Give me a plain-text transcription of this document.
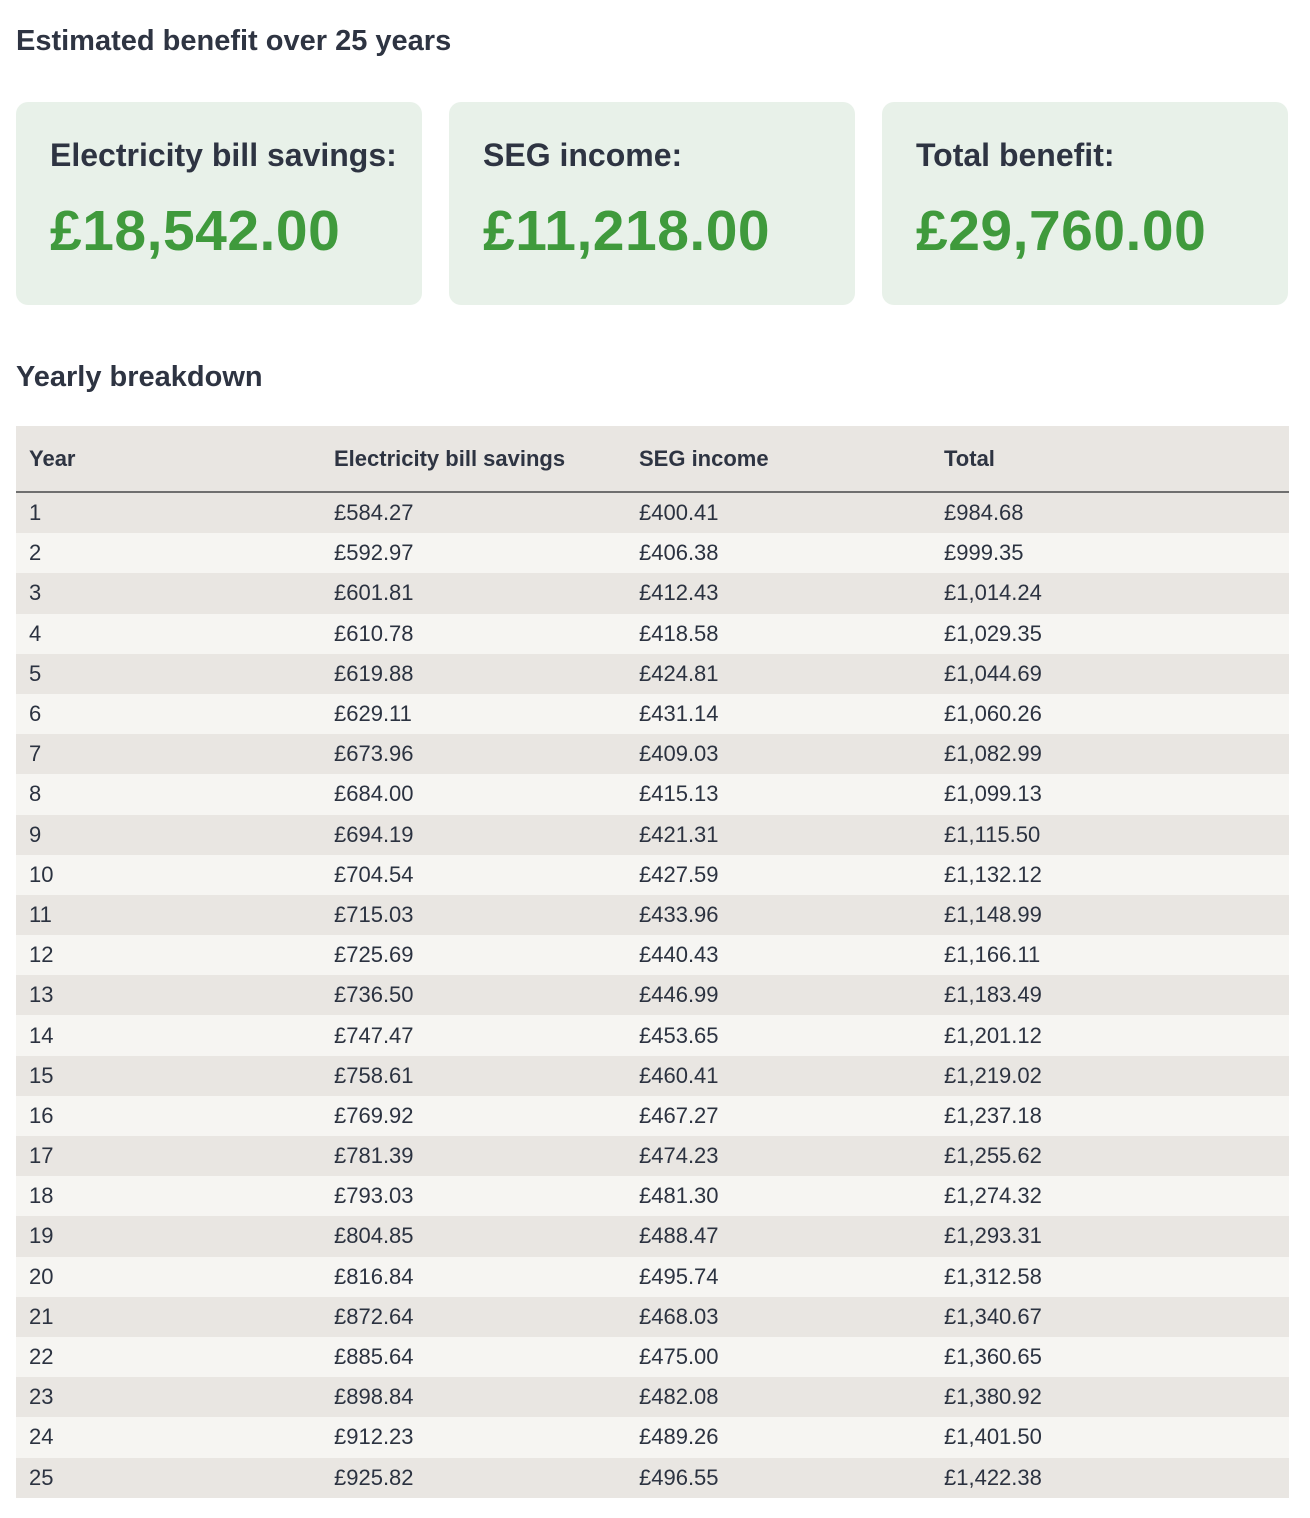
Estimated benefit over 25 years

Electricity bill savings:

£18,542.00

SEG income:

£11,218.00

Total benefit:

£29,760.00

Yearly breakdown
Year	Electricity bill savings	SEG income	Total
1	£584.27	£400.41	£984.68
2	£592.97	£406.38	£999.35
3	£601.81	£412.43	£1,014.24
4	£610.78	£418.58	£1,029.35
5	£619.88	£424.81	£1,044.69
6	£629.11	£431.14	£1,060.26
7	£673.96	£409.03	£1,082.99
8	£684.00	£415.13	£1,099.13
9	£694.19	£421.31	£1,115.50
10	£704.54	£427.59	£1,132.12
11	£715.03	£433.96	£1,148.99
12	£725.69	£440.43	£1,166.11
13	£736.50	£446.99	£1,183.49
14	£747.47	£453.65	£1,201.12
15	£758.61	£460.41	£1,219.02
16	£769.92	£467.27	£1,237.18
17	£781.39	£474.23	£1,255.62
18	£793.03	£481.30	£1,274.32
19	£804.85	£488.47	£1,293.31
20	£816.84	£495.74	£1,312.58
21	£872.64	£468.03	£1,340.67
22	£885.64	£475.00	£1,360.65
23	£898.84	£482.08	£1,380.92
24	£912.23	£489.26	£1,401.50
25	£925.82	£496.55	£1,422.38
